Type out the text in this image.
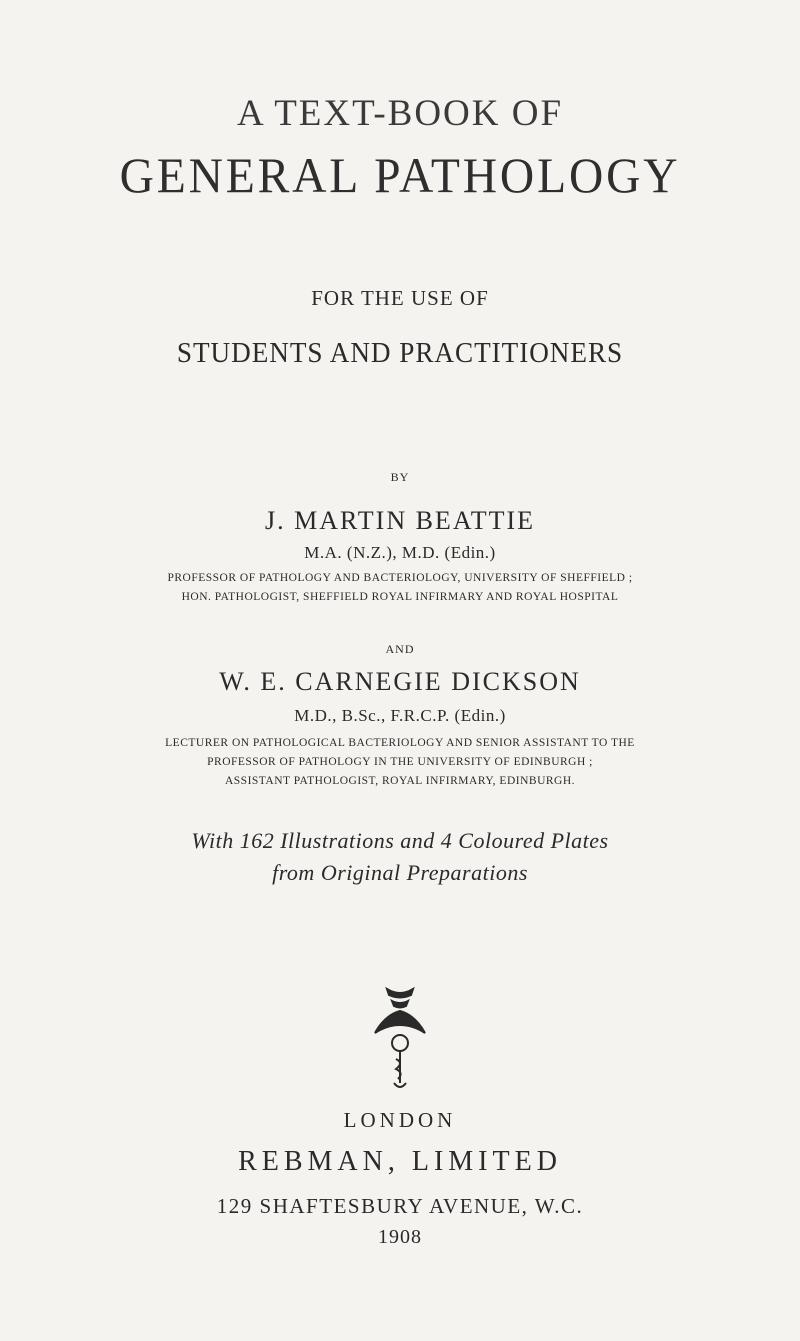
A TEXT-BOOK OF
GENERAL PATHOLOGY
FOR THE USE OF
STUDENTS AND PRACTITIONERS
BY
J. MARTIN BEATTIE
M.A. (N.Z.), M.D. (Edin.)
PROFESSOR OF PATHOLOGY AND BACTERIOLOGY, UNIVERSITY OF SHEFFIELD ;
HON. PATHOLOGIST, SHEFFIELD ROYAL INFIRMARY AND ROYAL HOSPITAL
AND
W. E. CARNEGIE DICKSON
M.D., B.Sc., F.R.C.P. (Edin.)
LECTURER ON PATHOLOGICAL BACTERIOLOGY AND SENIOR ASSISTANT TO THE
PROFESSOR OF PATHOLOGY IN THE UNIVERSITY OF EDINBURGH ;
ASSISTANT PATHOLOGIST, ROYAL INFIRMARY, EDINBURGH.
With 162 Illustrations and 4 Coloured Plates
from Original Preparations
LONDON
REBMAN, LIMITED
129 SHAFTESBURY AVENUE, W.C.
1908
